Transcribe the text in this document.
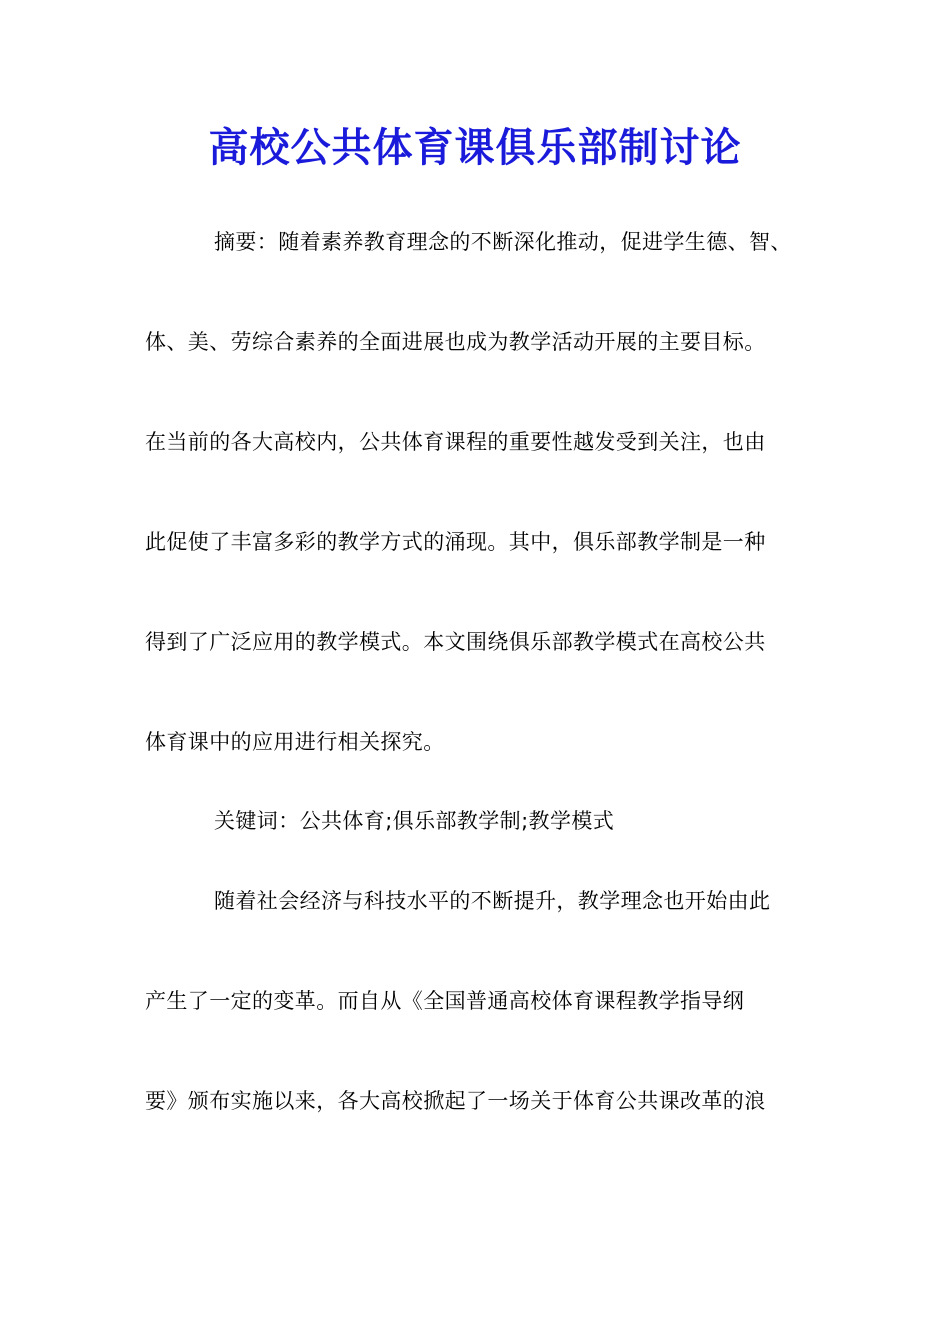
高校公共体育课俱乐部制讨论

摘要：随着素养教育理念的不断深化推动，促进学生德、智、

体、美、劳综合素养的全面进展也成为教学活动开展的主要目标。

在当前的各大高校内，公共体育课程的重要性越发受到关注，也由

此促使了丰富多彩的教学方式的涌现。其中，俱乐部教学制是一种

得到了广泛应用的教学模式。本文围绕俱乐部教学模式在高校公共

体育课中的应用进行相关探究。

关键词：公共体育;俱乐部教学制;教学模式

随着社会经济与科技水平的不断提升，教学理念也开始由此

产生了一定的变革。而自从《全国普通高校体育课程教学指导纲

要》颁布实施以来，各大高校掀起了一场关于体育公共课改革的浪
